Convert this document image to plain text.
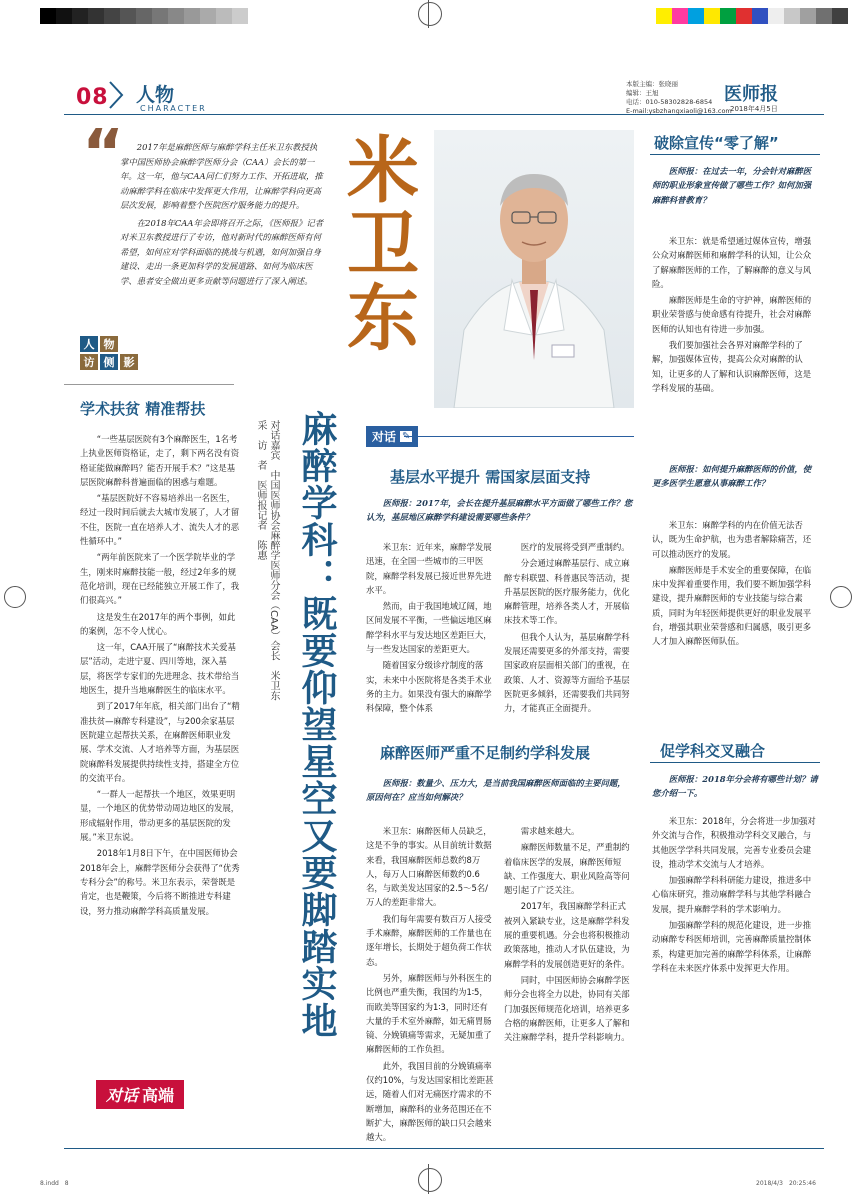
08 人物
CHARACTER
本版主编：张晓丽
编辑：王旭
电话：010-58302828-6854
E-mail:ysbzhangxiaoli@163.com
医师报
2018年4月5日
“	2017年是麻醉医师与麻醉学科主任米卫东教授执掌中国医师协会麻醉学医师分会（CAA）会长的第一年。这一年，他与CAA同仁们努力工作、开拓进取，推动麻醉学科在临床中发挥更大作用，让麻醉学科向更高层次发展，影响着整个医院医疗服务能力的提升。

在2018年CAA年会即将召开之际，《医师报》记者对米卫东教授进行了专访，他对新时代的麻醉医师有何希望，如何应对学科面临的挑战与机遇，如何加强自身建设、走出一条更加科学的发展道路、如何为临床医学、患者安全做出更多贡献等问题进行了深入阐述。 米卫东
人 物
访 侧 影
学术扶贫 精准帮扶

“一些基层医院有3个麻醉医生，1名考上执业医师资格证，走了，剩下两名没有资格证能做麻醉吗？能否开展手术？”这是基层医院麻醉科普遍面临的困惑与难题。

“基层医院好不容易培养出一名医生，经过一段时间后就去大城市发展了，人才留不住，医院一直在培养人才、流失人才的恶性循环中。”

“两年前医院来了一个医学院毕业的学生，刚来时麻醉技能一般，经过2年多的规范化培训，现在已经能独立开展工作了，我们很高兴。”

这是发生在2017年的两个事例，如此的案例，怎不令人忧心。

这一年，CAA开展了“麻醉技术关爱基层”活动，走进宁夏、四川等地，深入基层，将医学专家们的先进理念、技术带给当地医生，提升当地麻醉医生的临床水平。

到了2017年年底，相关部门出台了“精准扶贫—麻醉专科建设”，与200余家基层医院建立起帮扶关系，在麻醉医师职业发展、学术交流、人才培养等方面，为基层医院麻醉科发展提供持续性支持，搭建全方位的交流平台。

“一群人一起帮扶一个地区，效果更明显，一个地区的优势带动周边地区的发展，形成辐射作用，带动更多的基层医院的发展。”米卫东说。

2018年1月8日下午，在中国医师协会2018年会上，麻醉学医师分会获得了“优秀专科分会”的称号。米卫东表示，荣誉既是肯定，也是鞭策，今后将不断推进专科建设，努力推动麻醉学科高质量发展。

对话嘉宾　中国医师协会麻醉学医师分会（CAA）会长　米卫东
采　访　者　医师报记者　陈惠 麻醉学科：既要仰望星空又要脚踏实地	对话
基层水平提升 需国家层面支持

医师报：2017年，会长在提升基层麻醉水平方面做了哪些工作？您认为，基层地区麻醉学科建设需要哪些条件？

米卫东：近年来，麻醉学发展迅速，在全国一些城市的三甲医院，麻醉学科发展已接近世界先进水平。

然而，由于我国地域辽阔，地区间发展不平衡，一些偏远地区麻醉学科水平与发达地区差距巨大，与一些发达国家的差距更大。

随着国家分级诊疗制度的落实，未来中小医院将是各类手术业务的主力。如果没有强大的麻醉学科保障，整个体系

医疗的发展将受到严重制约。

分会通过麻醉基层行、成立麻醉专科联盟、科普惠民等活动，提升基层医院的医疗服务能力，优化麻醉管理，培养各类人才，开展临床技术等工作。

但我个人认为，基层麻醉学科发展还需要更多的外部支持，需要国家政府层面相关部门的重视，在政策、人才、资源等方面给予基层医院更多倾斜，还需要我们共同努力，才能真正全面提升。

麻醉医师严重不足制约学科发展

医师报：数量少、压力大，是当前我国麻醉医师面临的主要问题，原因何在？应当如何解决？

米卫东：麻醉医师人员缺乏，这是不争的事实。从目前统计数据来看，我国麻醉医师总数约8万人，每万人口麻醉医师数约0.6名，与欧美发达国家的2.5～5名/万人的差距非常大。

我们每年需要有数百万人接受手术麻醉，麻醉医师的工作量也在逐年增长，长期处于超负荷工作状态。

另外，麻醉医师与外科医生的比例也严重失衡，我国约为1∶5，而欧美等国家约为1∶3，同时还有大量的手术室外麻醉，如无痛胃肠镜、分娩镇痛等需求，无疑加重了麻醉医师的工作负担。

此外，我国目前的分娩镇痛率仅约10%，与发达国家相比差距甚远，随着人们对无痛医疗需求的不断增加，麻醉科的业务范围还在不断扩大，麻醉医师的缺口只会越来越大。

需求越来越大。

麻醉医师数量不足，严重制约着临床医学的发展，麻醉医师短缺、工作强度大、职业风险高等问题引起了广泛关注。

2017年，我国麻醉学科正式被列入紧缺专业，这是麻醉学科发展的重要机遇。分会也将积极推动政策落地，推动人才队伍建设，为麻醉学科的发展创造更好的条件。

同时，中国医师协会麻醉学医师分会也将全力以赴，协同有关部门加强医师规范化培训，培养更多合格的麻醉医师，让更多人了解和关注麻醉学科，提升学科影响力。

破除宣传“零了解”

医师报：在过去一年，分会针对麻醉医师的职业形象宣传做了哪些工作？如何加强麻醉科普教育？

米卫东：就是希望通过媒体宣传，增强公众对麻醉医师和麻醉学科的认知，让公众了解麻醉医师的工作，了解麻醉的意义与风险。

麻醉医师是生命的守护神，麻醉医师的职业荣誉感与使命感有待提升，社会对麻醉医师的认知也有待进一步加强。

我们要加强社会各界对麻醉学科的了解，加强媒体宣传，提高公众对麻醉的认知，让更多的人了解和认识麻醉医师，这是学科发展的基础。

医师报：如何提升麻醉医师的价值，使更多医学生愿意从事麻醉工作？

米卫东：麻醉学科的内在价值无法否认，既为生命护航，也为患者解除痛苦，还可以推动医疗的发展。

麻醉医师是手术安全的重要保障，在临床中发挥着重要作用，我们要不断加强学科建设，提升麻醉医师的专业技能与综合素质，同时为年轻医师提供更好的职业发展平台，增强其职业荣誉感和归属感，吸引更多人才加入麻醉医师队伍。

促学科交叉融合

医师报：2018年分会将有哪些计划？请您介绍一下。

米卫东：2018年，分会将进一步加强对外交流与合作，积极推动学科交叉融合，与其他医学学科共同发展，完善专业委员会建设，推动学术交流与人才培养。

加强麻醉学科科研能力建设，推进多中心临床研究，推动麻醉学科与其他学科融合发展，提升麻醉学科的学术影响力。

加强麻醉学科的规范化建设，进一步推动麻醉专科医师培训，完善麻醉质量控制体系，构建更加完善的麻醉学科体系，让麻醉学科在未来医疗体系中发挥更大作用。

对话 高端
8.indd　8	2018/4/3　20:25:46
